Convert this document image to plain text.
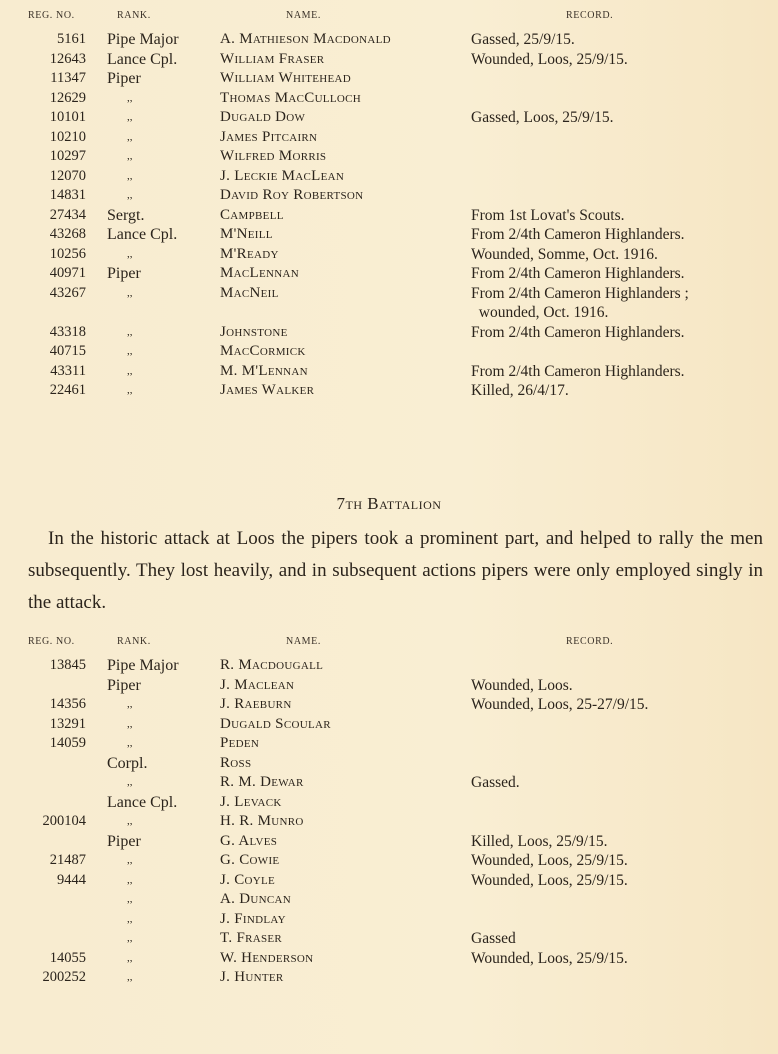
REG. NO.	RANK.	NAME.	RECORD.
5161 Pipe Major	A. Mathieson Macdonald	Gassed, 25/9/15.
12643 Lance Cpl.	William Fraser	Wounded, Loos, 25/9/15.
11347 Piper	William Whitehead
12629	,,	Thomas MacCulloch
10101	,,	Dugald Dow	Gassed, Loos, 25/9/15.
10210	,,	James Pitcairn
10297	,,	Wilfred Morris
12070	,,	J. Leckie MacLean
14831	,,	David Roy Robertson
27434 Sergt.	Campbell	From 1st Lovat's Scouts.
43268 Lance Cpl.	M'Neill	From 2/4th Cameron Highlanders.
10256	,,	M'Ready	Wounded, Somme, Oct. 1916.
40971 Piper	MacLennan	From 2/4th Cameron Highlanders.
43267	,,	MacNeil	From 2/4th Cameron Highlanders ;
wounded, Oct. 1916.
43318	,,	Johnstone	From 2/4th Cameron Highlanders.
40715	,,	MacCormick
43311	,,	M. M'Lennan	From 2/4th Cameron Highlanders.
22461	,,	James Walker	Killed, 26/4/17.
7th Battalion

In the historic attack at Loos the pipers took a prominent part, and helped to rally the men subsequently. They lost heavily, and in subsequent actions pipers were only employed singly in the attack.

REG. NO.	RANK.	NAME.	RECORD.
13845 Pipe Major	R. Macdougall
Piper	J. Maclean	Wounded, Loos.
14356	,,	J. Raeburn	Wounded, Loos, 25-27/9/15.
13291	,,	Dugald Scoular
14059	,,	Peden
Corpl.	Ross
,,	R. M. Dewar	Gassed.
Lance Cpl.	J. Levack
200104	,,	H. R. Munro
Piper	G. Alves	Killed, Loos, 25/9/15.
21487	,,	G. Cowie	Wounded, Loos, 25/9/15.
9444	,,	J. Coyle	Wounded, Loos, 25/9/15.
,,	A. Duncan
,,	J. Findlay
,,	T. Fraser	Gassed
14055	,,	W. Henderson	Wounded, Loos, 25/9/15.
200252	,,	J. Hunter
